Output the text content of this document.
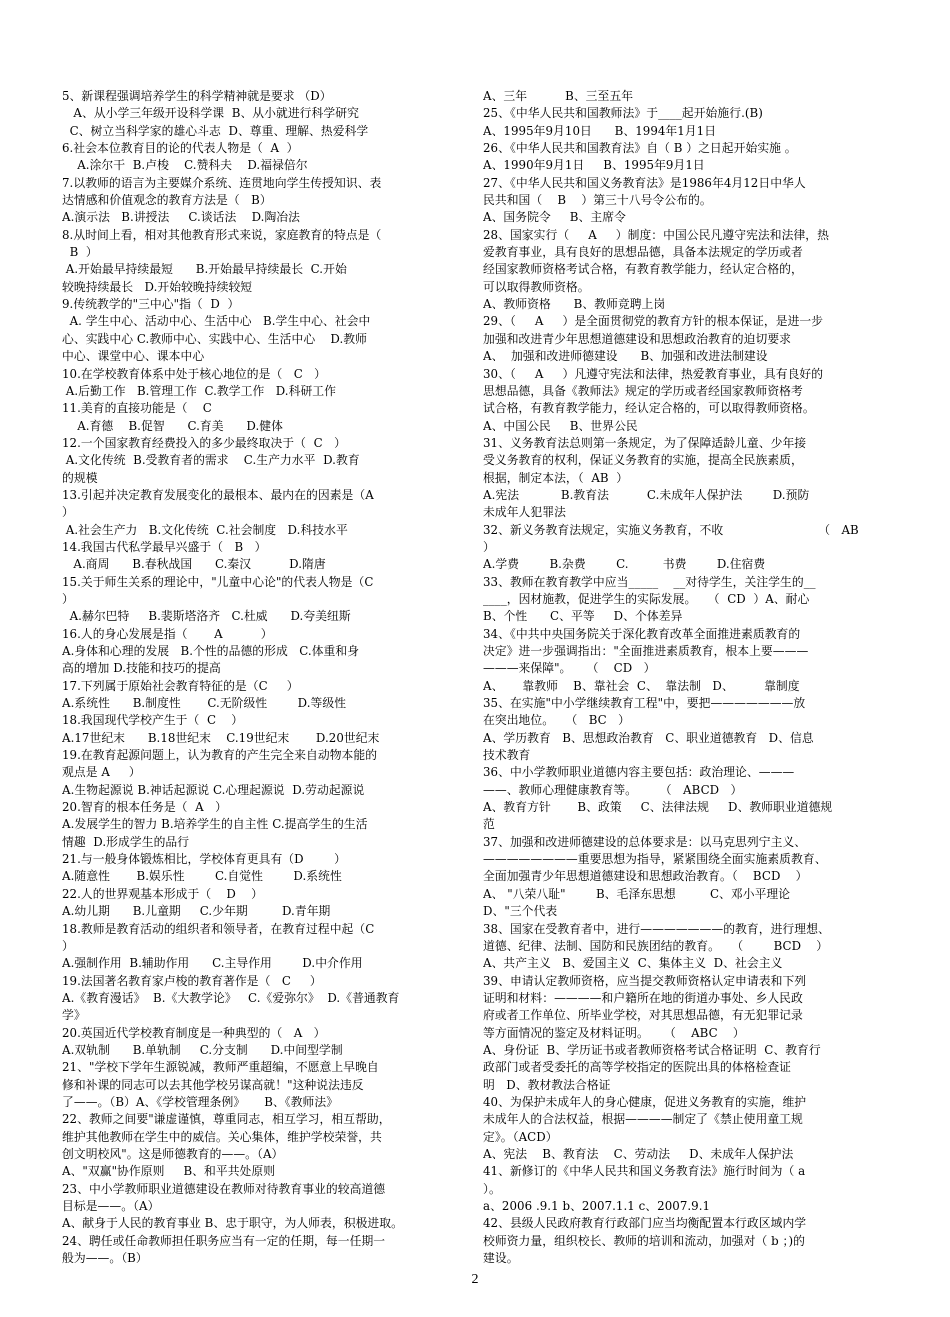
5、新课程强调培养学生的科学精神就是要求 （D）
A、从小学三年级开设科学课  B、从小就进行科学研究
C、树立当科学家的雄心斗志  D、尊重、理解、热爱科学
6.社会本位教育目的论的代表人物是（  A  ）
A.涂尔干  B.卢梭    C.赞科夫    D.福禄倍尔
7.以教师的语言为主要媒介系统、连贯地向学生传授知识、表
达情感和价值观念的教育方法是（   B）
A.演示法   B.讲授法     C.谈话法    D.陶冶法
8.从时间上看，相对其他教育形式来说，家庭教育的特点是（
B  ）
A.开始最早持续最短      B.开始最早持续最长  C.开始
较晚持续最长   D.开始较晚持续较短
9.传统教学的"三中心"指（  D  ）
A. 学生中心、活动中心、生活中心   B.学生中心、社会中
心、实践中心 C.教师中心、实践中心、生活中心    D.教师
中心、课堂中心、课本中心
10.在学校教育体系中处于核心地位的是（   C   ）
A.后勤工作   B.管理工作  C.教学工作   D.科研工作
11.美育的直接功能是（    C
A.育德    B.促智      C.育美      D.健体
12.一个国家教育经费投入的多少最终取决于（  C   ）
A.文化传统  B.受教育者的需求    C.生产力水平  D.教育
的规模
13.引起并决定教育发展变化的最根本、最内在的因素是（A
）
A.社会生产力   B.文化传统  C.社会制度   D.科技水平
14.我国古代私学最早兴盛于（   B   ）
A.商周      B.春秋战国      C.秦汉          D.隋唐
15.关于师生关系的理论中，"儿童中心论"的代表人物是（C
）
A.赫尔巴特     B.裴斯塔洛齐   C.杜威      D.夸美纽斯
16.人的身心发展是指（       A          ）
A.身体和心理的发展   B.个性的品德的形成   C.体重和身
高的增加 D.技能和技巧的提高
17.下列属于原始社会教育特征的是（C     ）
A.系统性      B.制度性       C.无阶级性        D.等级性
18.我国现代学校产生于（  C    ）
A.17世纪末      B.18世纪末    C.19世纪末       D.20世纪末
19.在教育起源问题上，认为教育的产生完全来自动物本能的
观点是 A     ）
A.生物起源说 B.神话起源说 C.心理起源说  D.劳动起源说
20.智育的根本任务是（  A   ）
A.发展学生的智力 B.培养学生的自主性 C.提高学生的生活
情趣  D.形成学生的品行
21.与一般身体锻炼相比，学校体育更具有（D        ）
A.随意性       B.娱乐性        C.自觉性        D.系统性
22.人的世界观基本形成于（    D    ）
A.幼儿期      B.儿童期     C.少年期         D.青年期
18.教师是教育活动的组织者和领导者，在教育过程中起（C
）
A.强制作用  B.辅助作用      C.主导作用        D.中介作用
19.法国著名教育家卢梭的教育著作是（   C     ）
A.《教育漫话》  B.《大教学论》   C.《爱弥尔》  D.《普通教育
学》
20.英国近代学校教育制度是一种典型的（   A   ）
A.双轨制      B.单轨制     C.分支制      D.中间型学制
21、"学校下学年生源锐减，教师严重超编，不愿意上早晚自
修和补课的同志可以去其他学校另谋高就！"这种说法违反
了——。（B）A、《学校管理条例》     B、《教师法》
22、教师之间要"谦虚谨慎，尊重同志，相互学习，相互帮助，
维护其他教师在学生中的威信。关心集体，维护学校荣誉，共
创文明校风"。这是师德教育的——。（A）
A、"双赢"协作原则     B、和平共处原则
23、中小学教师职业道德建设在教师对待教育事业的较高道德
目标是——。（A）
A、献身于人民的教育事业 B、忠于职守，为人师表，积极进取。
24、聘任或任命教师担任职务应当有一定的任期，每一任期一
般为——。（B）
A、三年          B、三至五年
25、《中华人民共和国教师法》于____起开始施行.(B)
A、1995年9月10日      B、1994年1月1日
26、《中华人民共和国教育法》自（ B ）之日起开始实施 。
A、1990年9月1日     B、1995年9月1日
27、《中华人民共和国义务教育法》是1986年4月12日中华人
民共和国（    B    ）第三十八号令公布的。
A、国务院令     B、主席令
28、国家实行（     A     ）制度：中国公民凡遵守宪法和法律，热
爱教育事业，具有良好的思想品德，具备本法规定的学历或者
经国家教师资格考试合格，有教育教学能力，经认定合格的，
可以取得教师资格。
A、教师资格      B、教师竞聘上岗
29、（     A     ）是全面贯彻党的教育方针的根本保证，是进一步
加强和改进青少年思想道德建设和思想政治教育的迫切要求
A、  加强和改进师德建设      B、加强和改进法制建设
30、（     A     ）凡遵守宪法和法律，热爱教育事业，具有良好的
思想品德，具备《教师法》规定的学历或者经国家教师资格考
试合格，有教育教学能力，经认定合格的，可以取得教师资格。
A、中国公民     B、世界公民
31、义务教育法总则第一条规定，为了保障适龄儿童、少年接
受义务教育的权利，保证义务教育的实施，提高全民族素质，
根据，制定本法，（  AB  ）
A.宪法           B.教育法          C.未成年人保护法        D.预防
未成年人犯罪法
32、新义务教育法规定，实施义务教育，不收                         （   AB
）
A.学费        B.杂费        C.         书费        D.住宿费
33、教师在教育教学中应当_____    __对待学生，关注学生的__
____，因材施教，促进学生的实际发展。   （  CD  ）A、耐心
B、个性      C、平等     D、个体差异
34、《中共中央国务院关于深化教育改革全面推进素质教育的
决定》进一步强调指出："全面推进素质教育，根本上要———
———来保障"。    （    CD   ）
A、     靠教师    B、靠社会  C、  靠法制   D、        靠制度
35、在实施"中小学继续教育工程"中，要把———————放
在突出地位。   （   BC   ）
A、学历教育   B、思想政治教育   C、职业道德教育   D、信息
技术教育
36、中小学教师职业道德内容主要包括：政治理论、———
——、教师心理健康教育等。      （   ABCD   ）
A、教育方针       B、政策     C、法律法规     D、教师职业道德规
范
37、加强和改进师德建设的总体要求是：以马克思列宁主义、
————————重要思想为指导，紧紧围绕全面实施素质教育、
全面加强青少年思想道德建设和思想政治教育。（    BCD    ）
A、 "八荣八耻"        B、毛泽东思想         C、邓小平理论
D、"三个代表
38、国家在受教育者中，进行———————的教育，进行理想、
道德、纪律、法制、国防和民族团结的教育。   （        BCD    ）
A、共产主义   B、爱国主义  C、集体主义  D、社会主义
39、申请认定教师资格，应当提交教师资格认定申请表和下列
证明和材料：————和户籍所在地的街道办事处、乡人民政
府或者工作单位、所毕业学校，对其思想品德，有无犯罪记录
等方面情况的鉴定及材料证明。    （    ABC    ）
A、身份证  B、学历证书或者教师资格考试合格证明  C、教育行
政部门或者受委托的高等学校指定的医院出具的体格检查证
明   D、教材教法合格证
40、为保护未成年人的身心健康，促进义务教育的实施，维护
未成年人的合法权益，根据————制定了《禁止使用童工规
定》。（ACD）
A、宪法    B、教育法    C、劳动法     D、未成年人保护法
41、新修订的《中华人民共和国义务教育法》施行时间为（ a
）。
a、2006 .9.1 b、2007.1.1 c、2007.9.1
42、县级人民政府教育行政部门应当均衡配置本行政区域内学
校师资力量，组织校长、教师的培训和流动，加强对（ b ；)的
建设。
2
